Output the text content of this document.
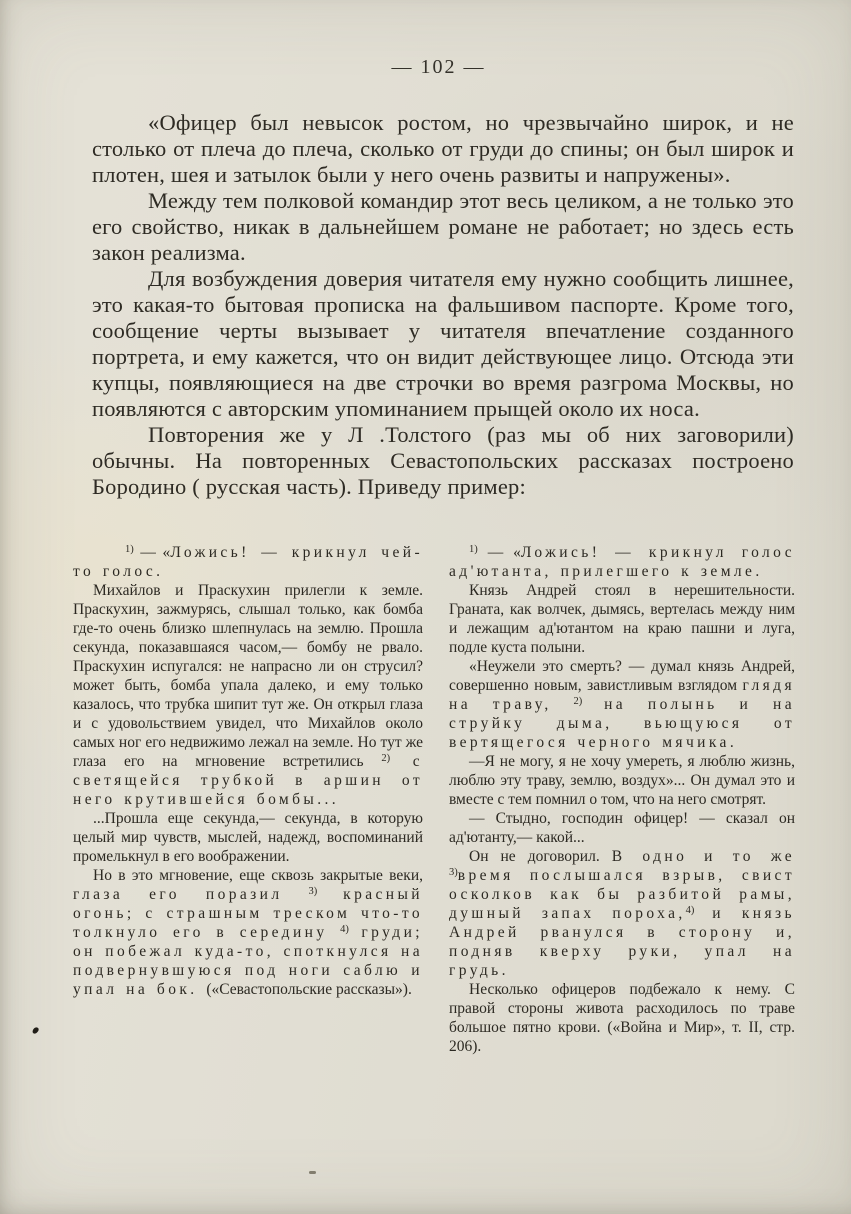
— 102 —

«Офицер был невысок ростом, но чрезвычайно широк, и не столько от плеча до плеча, сколько от груди до спины; он был широк и плотен, шея и затылок были у него очень развиты и напружены».

Между тем полковой командир этот весь целиком, а не только это его свойство, никак в дальнейшем романе не работает; но здесь есть закон реализма.

Для возбуждения доверия читателя ему нужно сообщить лишнее, это какая-то бытовая прописка на фальшивом паспорте. Кроме того, сообщение черты вызывает у читателя впечатление созданного портрета, и ему кажется, что он видит действующее лицо. Отсюда эти купцы, появляющиеся на две строчки во время разгрома Москвы, но появляются с авторским упоминанием прыщей около их носа.

Повторения же у Л .Толстого (раз мы об них заговорили) обычны. На повторенных Севастопольских рассказах построено Бородино ( русская часть). Приведу пример:

$^{1)}$ — «Ложись! — крикнул чей-то голос.

Михайлов и Праскухин прилегли к земле. Праскухин, зажмурясь, слышал только, как бомба где-то очень близко шлепнулась на землю. Прошла секунда, показавшаяся часом,— бомбу не рвало. Праскухин испугался: не напрасно ли он струсил? может быть, бомба упала далеко, и ему только казалось, что трубка шипит тут же. Он открыл глаза и с удовольствием увидел, что Михайлов около самых ног его недвижимо лежал на земле. Но тут же глаза его на мгновение встретились $^{2)}$ с светящейся трубкой в аршин от него крутившейся бомбы...

...Прошла еще секунда,— секунда, в которую целый мир чувств, мыслей, надежд, воспоминаний промелькнул в его воображении.

Но в это мгновение, еще сквозь закрытые веки, глаза его поразил $^{3)}$ красный огонь; с страшным треском что-то толкнуло его в середину $^{4)}$ груди; он побежал куда-то, споткнулся на подвернувшуюся под ноги саблю и упал на бок. («Севастопольские рассказы»).

$^{1)}$ — «Ложись! — крикнул голос ад'ютанта, прилегшего к земле.

Князь Андрей стоял в нерешительности. Граната, как волчек, дымясь, вертелась между ним и лежащим ад'ютантом на краю пашни и луга, подле куста полыни.

«Неужели это смерть? — думал князь Андрей, совершенно новым, завистливым взглядом глядя на траву, $^{2)}$ на полынь и на струйку дыма, вьющуюся от вертящегося черного мячика.

—Я не могу, я не хочу умереть, я люблю жизнь, люблю эту траву, землю, воздух»... Он думал это и вместе с тем помнил о том, что на него смотрят.

— Стыдно, господин офицер! — сказал он ад'ютанту,— какой...

Он не договорил. В одно и то же $^{3)}$время послышался взрыв, свист осколков как бы разбитой рамы, душный запах пороха,$^{4)}$ и князь Андрей рванулся в сторону и, подняв кверху руки, упал на грудь.

Несколько офицеров подбежало к нему. С правой стороны живота расходилось по траве большое пятно крови. («Война и Мир», т. II, стр. 206).
